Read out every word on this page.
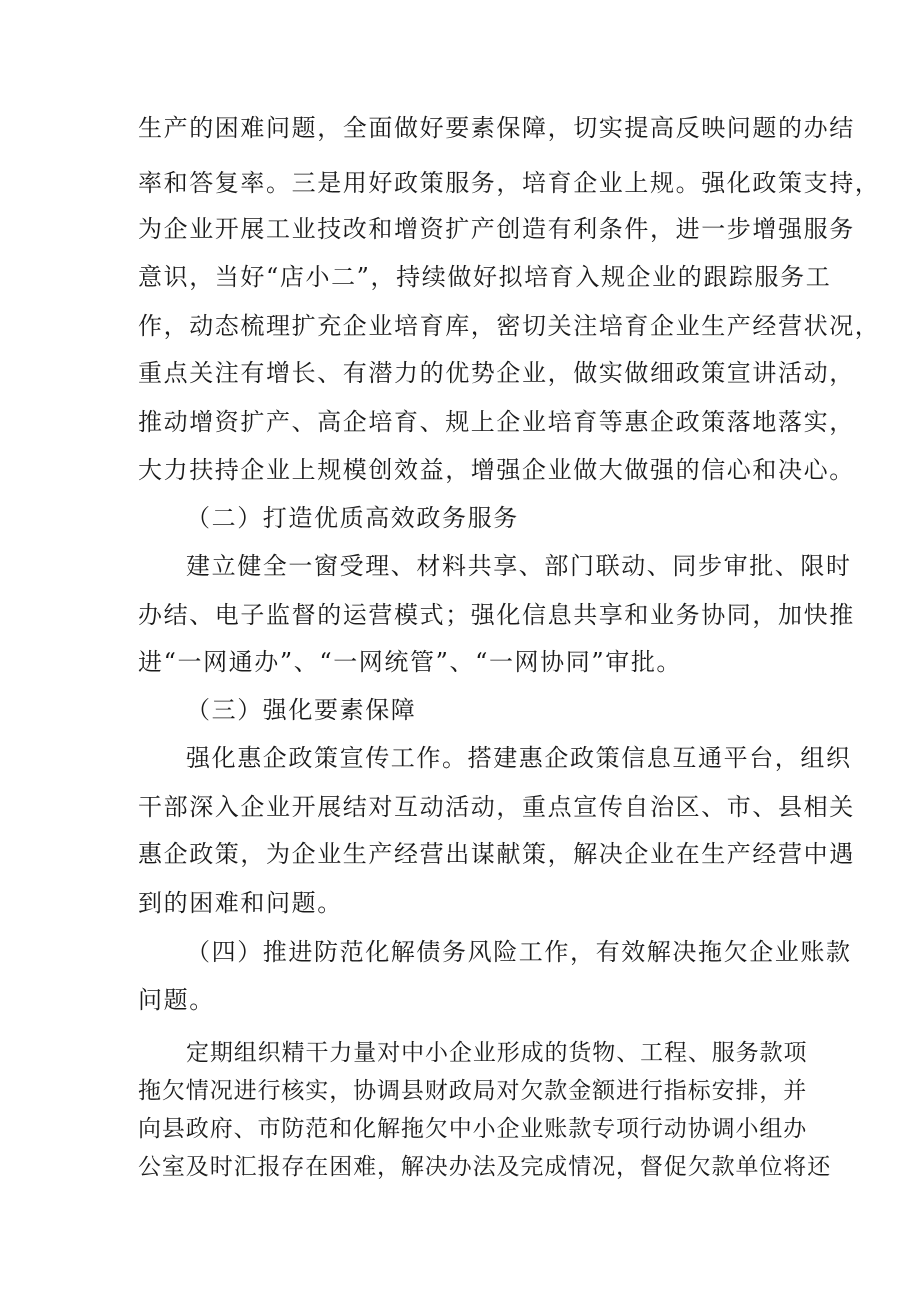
生产的困难问题，全面做好要素保障，切实提高反映问题的办结
率和答复率。三是用好政策服务，培育企业上规。强化政策支持，
为企业开展工业技改和增资扩产创造有利条件，进一步增强服务
意识，当好“店小二”，持续做好拟培育入规企业的跟踪服务工
作，动态梳理扩充企业培育库，密切关注培育企业生产经营状况，
重点关注有增长、有潜力的优势企业，做实做细政策宣讲活动，
推动增资扩产、高企培育、规上企业培育等惠企政策落地落实，
大力扶持企业上规模创效益，增强企业做大做强的信心和决心。
（二）打造优质高效政务服务
建立健全一窗受理、材料共享、部门联动、同步审批、限时
办结、电子监督的运营模式；强化信息共享和业务协同，加快推
进“一网通办”、“一网统管”、“一网协同”审批。
（三）强化要素保障
强化惠企政策宣传工作。搭建惠企政策信息互通平台，组织
干部深入企业开展结对互动活动，重点宣传自治区、市、县相关
惠企政策，为企业生产经营出谋献策，解决企业在生产经营中遇
到的困难和问题。
（四）推进防范化解债务风险工作，有效解决拖欠企业账款
问题。
定期组织精干力量对中小企业形成的货物、工程、服务款项
拖欠情况进行核实，协调县财政局对欠款金额进行指标安排，并
向县政府、市防范和化解拖欠中小企业账款专项行动协调小组办
公室及时汇报存在困难，解决办法及完成情况，督促欠款单位将还
